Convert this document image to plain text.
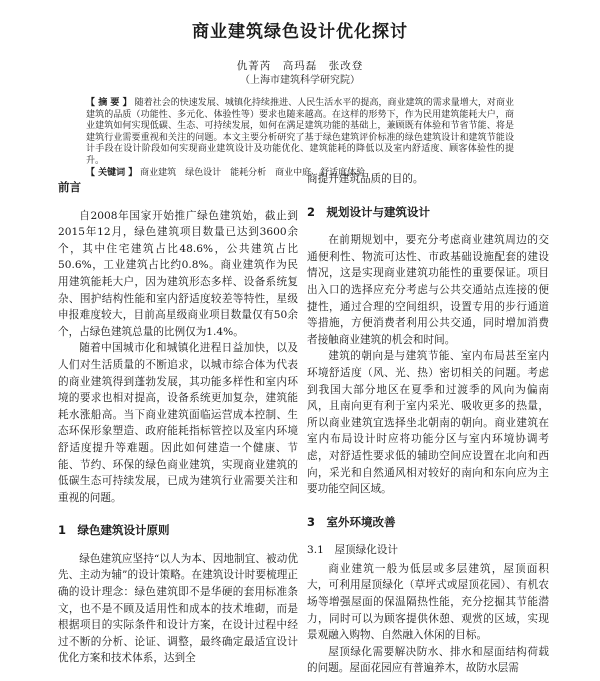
商业建筑绿色设计优化探讨
仇菁芮　高玛磊　张改登
（上海市建筑科学研究院）
【 摘 要 】 随着社会的快速发展、城镇化持续推进、人民生活水平的提高，商业建筑的需求量增大，对商业建筑的品质（功能性、多元化、体验性等）要求也随来越高。在这样的形势下，作为民用建筑能耗大户，商业建筑如何实现低碳、生态、可持续发展，如何在满足建筑功能的基础上，兼顾既有体验和节省节能、将是建筑行业需要重视和关注的问题。本文主要分析研究了基于绿色建筑评价标准的绿色建筑设计和建筑节能设计手段在设计阶段如何实现商业建筑设计及功能优化、建筑能耗的降低以及室内舒适度、顾客体验性的提升。
【 关键词 】 商业建筑　绿色设计　能耗分析　商业中庭　舒适度体验
前言

自2008年国家开始推广绿色建筑始，截止到2015年12月，绿色建筑项目数量已达到3600余个，其中住宅建筑占比48.6%，公共建筑占比50.6%，工业建筑占比约0.8%。商业建筑作为民用建筑能耗大户，因为建筑形态多样、设备系统复杂、围护结构性能和室内舒适度较差等特性，星级申报难度较大，目前高星级商业项目数量仅有50余个，占绿色建筑总量的比例仅为1.4%。

随着中国城市化和城镇化进程日益加快，以及人们对生活质量的不断追求，以城市综合体为代表的商业建筑得到蓬勃发展，其功能多样性和室内环境的要求也相对提高，设备系统更加复杂，建筑能耗水涨船高。当下商业建筑面临运营成本控制、生态环保形象塑造、政府能耗指标管控以及室内环境舒适度提升等难题。因此如何建造一个健康、节能、节约、环保的绿色商业建筑，实现商业建筑的低碳生态可持续发展，已成为建筑行业需要关注和重视的问题。

1　绿色建筑设计原则

绿色建筑应坚持“以人为本、因地制宜、被动优先、主动为辅”的设计策略。在建筑设计时要梳理正确的设计理念：绿色建筑即不是华硬的套用标准条文，也不是不顾及适用性和成本的技术堆砌，而是根据项目的实际条件和设计方案，在设计过程中经过不断的分析、论证、调整，最终确定最适宜设计优化方案和技术体系，达到全

商提升建筑品质的目的。

2　规划设计与建筑设计

在前期规划中，要充分考虑商业建筑周边的交通便利性、物流可达性、市政基础设施配套的建设情况，这是实现商业建筑功能性的重要保证。项目出入口的选择应充分考虑与公共交通站点连接的便捷性，通过合理的空间组织，设置专用的步行通道等措施，方便消费者利用公共交通，同时增加消费者接触商业建筑的机会和时间。

建筑的朝向是与建筑节能、室内布局甚至室内环境舒适度（风、光、热）密切相关的问题。考虑到我国大部分地区在夏季和过渡季的风向为偏南风，且南向更有利于室内采光、吸收更多的热量，所以商业建筑宜选择坐北朝南的朝向。商业建筑在室内布局设计时应将功能分区与室内环境协调考虑，对舒适性要求低的辅助空间应设置在北向和西向，采光和自然通风相对较好的南向和东向应为主要功能空间区域。

3　室外环境改善
3.1　屋顶绿化设计

商业建筑一般为低层或多层建筑，屋顶面积大，可利用屋顶绿化（草坪式或屋顶花园）、有机农场等增强屋面的保温隔热性能，充分挖掘其节能潜力，同时可以为顾客提供休憩、观赏的区域，实现景观融入购物、自然融入休闲的目标。

屋顶绿化需要解决防水、排水和屋面结构荷载的问题。屋面花园应有普遍养木，故防水层需
